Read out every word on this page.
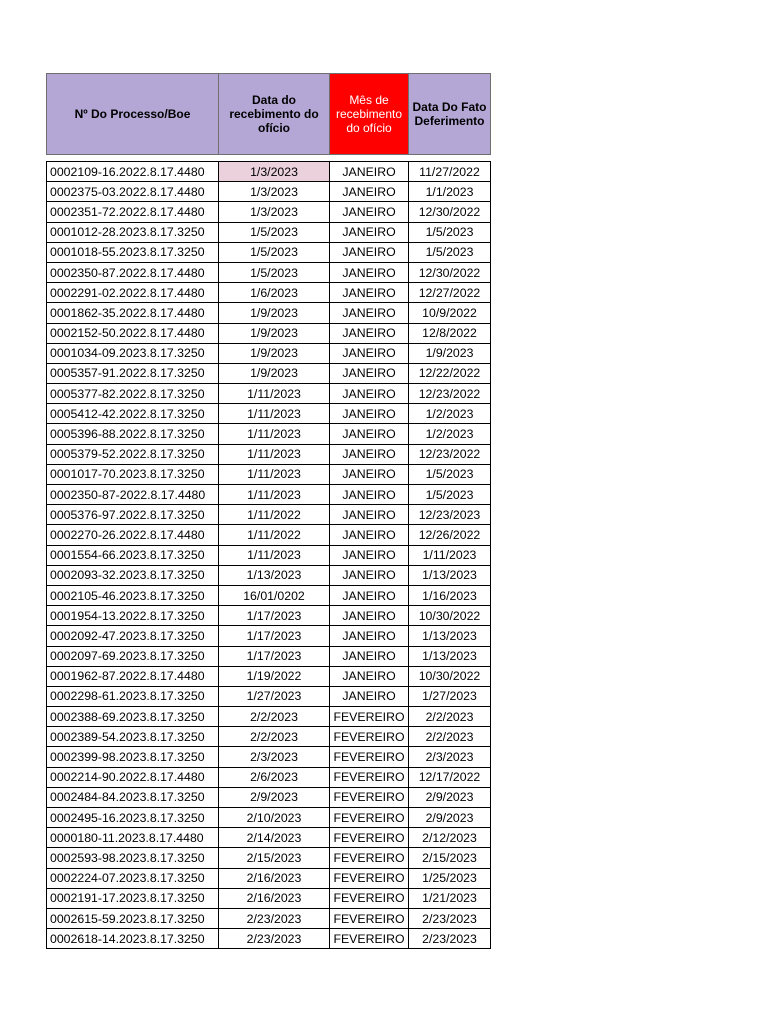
Nº Do Processo/Boe	Data do recebimento do ofício	Mês de recebimento do ofício	Data Do Fato Deferimento

0002109-16.2022.8.17.4480	1/3/2023	JANEIRO	11/27/2022
0002375-03.2022.8.17.4480	1/3/2023	JANEIRO	1/1/2023
0002351-72.2022.8.17.4480	1/3/2023	JANEIRO	12/30/2022
0001012-28.2023.8.17.3250	1/5/2023	JANEIRO	1/5/2023
0001018-55.2023.8.17.3250	1/5/2023	JANEIRO	1/5/2023
0002350-87.2022.8.17.4480	1/5/2023	JANEIRO	12/30/2022
0002291-02.2022.8.17.4480	1/6/2023	JANEIRO	12/27/2022
0001862-35.2022.8.17.4480	1/9/2023	JANEIRO	10/9/2022
0002152-50.2022.8.17.4480	1/9/2023	JANEIRO	12/8/2022
0001034-09.2023.8.17.3250	1/9/2023	JANEIRO	1/9/2023
0005357-91.2022.8.17.3250	1/9/2023	JANEIRO	12/22/2022
0005377-82.2022.8.17.3250	1/11/2023	JANEIRO	12/23/2022
0005412-42.2022.8.17.3250	1/11/2023	JANEIRO	1/2/2023
0005396-88.2022.8.17.3250	1/11/2023	JANEIRO	1/2/2023
0005379-52.2022.8.17.3250	1/11/2023	JANEIRO	12/23/2022
0001017-70.2023.8.17.3250	1/11/2023	JANEIRO	1/5/2023
0002350-87-2022.8.17.4480	1/11/2023	JANEIRO	1/5/2023
0005376-97.2022.8.17.3250	1/11/2022	JANEIRO	12/23/2023
0002270-26.2022.8.17.4480	1/11/2022	JANEIRO	12/26/2022
0001554-66.2023.8.17.3250	1/11/2023	JANEIRO	1/11/2023
0002093-32.2023.8.17.3250	1/13/2023	JANEIRO	1/13/2023
0002105-46.2023.8.17.3250	16/01/0202	JANEIRO	1/16/2023
0001954-13.2022.8.17.3250	1/17/2023	JANEIRO	10/30/2022
0002092-47.2023.8.17.3250	1/17/2023	JANEIRO	1/13/2023
0002097-69.2023.8.17.3250	1/17/2023	JANEIRO	1/13/2023
0001962-87.2022.8.17.4480	1/19/2022	JANEIRO	10/30/2022
0002298-61.2023.8.17.3250	1/27/2023	JANEIRO	1/27/2023
0002388-69.2023.8.17.3250	2/2/2023	FEVEREIRO	2/2/2023
0002389-54.2023.8.17.3250	2/2/2023	FEVEREIRO	2/2/2023
0002399-98.2023.8.17.3250	2/3/2023	FEVEREIRO	2/3/2023
0002214-90.2022.8.17.4480	2/6/2023	FEVEREIRO	12/17/2022
0002484-84.2023.8.17.3250	2/9/2023	FEVEREIRO	2/9/2023
0002495-16.2023.8.17.3250	2/10/2023	FEVEREIRO	2/9/2023
0000180-11.2023.8.17.4480	2/14/2023	FEVEREIRO	2/12/2023
0002593-98.2023.8.17.3250	2/15/2023	FEVEREIRO	2/15/2023
0002224-07.2023.8.17.3250	2/16/2023	FEVEREIRO	1/25/2023
0002191-17.2023.8.17.3250	2/16/2023	FEVEREIRO	1/21/2023
0002615-59.2023.8.17.3250	2/23/2023	FEVEREIRO	2/23/2023
0002618-14.2023.8.17.3250	2/23/2023	FEVEREIRO	2/23/2023
